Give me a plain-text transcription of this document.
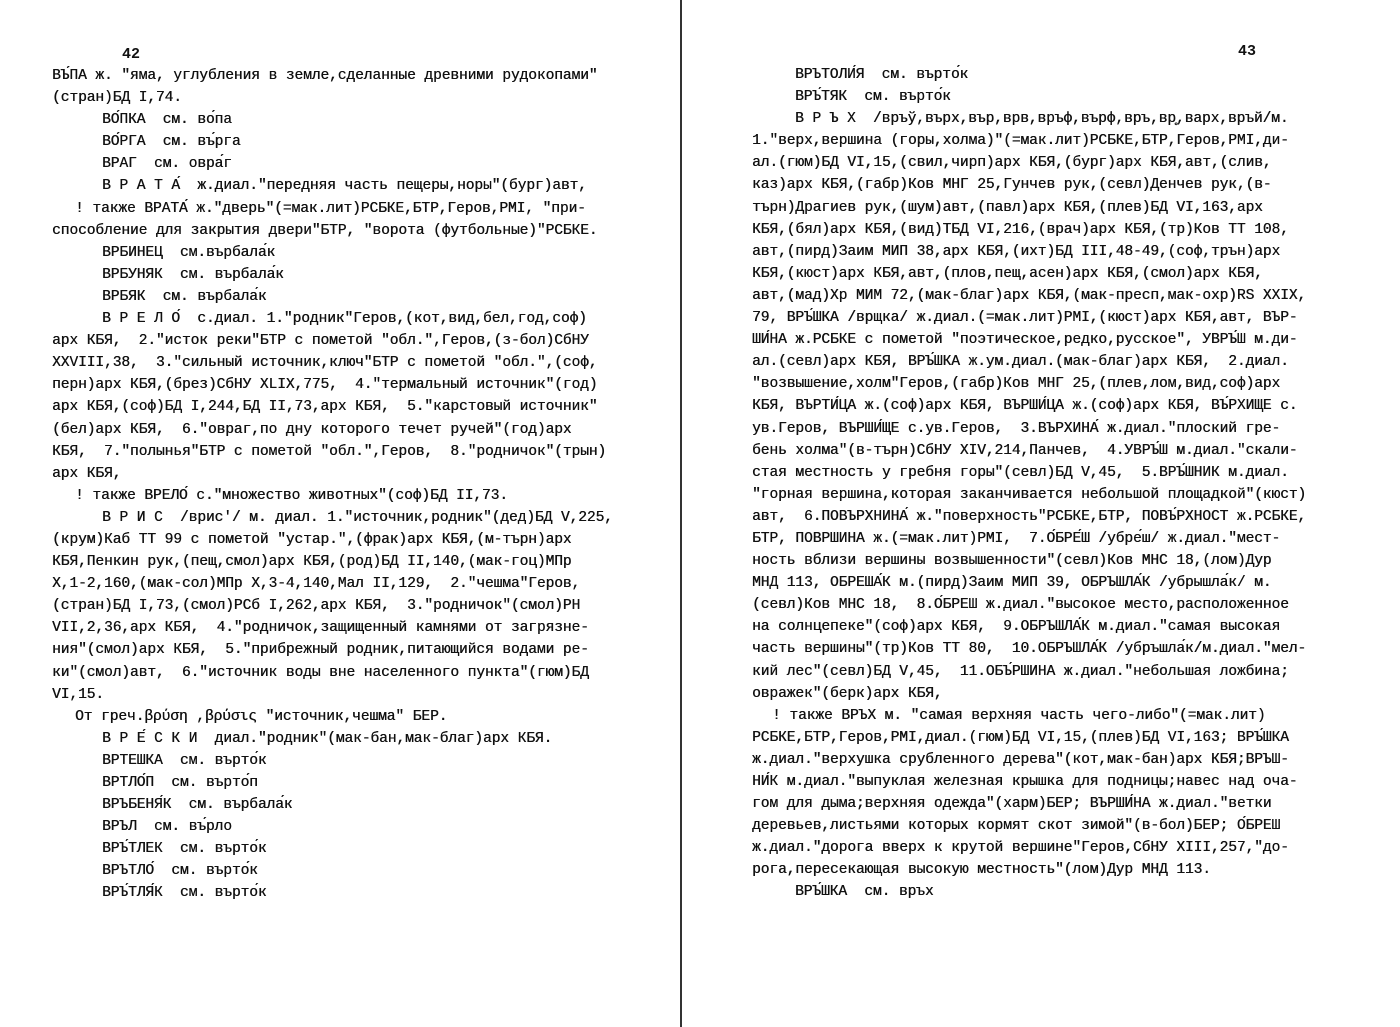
42
ВЪ́ПА ж. "яма, углубления в земле,сделанные древними рудокопами"
(стран)БД I,74.
ВО́ПКА  см. во́па
ВО́РГА  см. въ́рга
ВРАГ  см. овра́г
В Р А Т А́  ж.диал."передняя часть пещеры,норы"(бург)авт,
! также ВРАТА́ ж."дверь"(=мак.лит)РСБКЕ,БТР,Геров,РМI, "при-
способление для закрытия двери"БТР, "ворота (футбольные)"РСБКЕ.
ВРБИНЕЦ  см.върбала́к
ВРБУНЯК  см. върбала́к
ВРБЯК  см. върбала́к
В Р Е Л О́  с.диал. 1."родник"Геров,(кот,вид,бел,год,соф)
арх КБЯ,  2."исток реки"БТР с пометой "обл.",Геров,(з-бол)СбНУ
XXVIII,38,  3."сильный источник,ключ"БТР с пометой "обл.",(соф,
перн)арх КБЯ,(брез)СбНУ XLIX,775,  4."термальный источник"(год)
арх КБЯ,(соф)БД I,244,БД II,73,арх КБЯ,  5."карстовый источник"
(бел)арх КБЯ,  6."овраг,по дну которого течет ручей"(год)арх
КБЯ,  7."полынья"БТР с пометой "обл.",Геров,  8."родничок"(трын)
арх КБЯ,
! также ВРЕЛО́ с."множество животных"(соф)БД II,73.
В Р И С  /врис'/ м. диал. 1."источник,родник"(дед)БД V,225,
(крум)Каб ТТ 99 с пометой "устар.",(фрак)арх КБЯ,(м-търн)арх
КБЯ,Пенкин рук,(пещ,смол)арх КБЯ,(род)БД II,140,(мак-гоц)МПр
X,1-2,160,(мак-сол)МПр X,3-4,140,Мал II,129,  2."чешма"Геров,
(стран)БД I,73,(смол)РСб I,262,арх КБЯ,  3."родничок"(смол)РН
VII,2,36,арх КБЯ,  4."родничок,защищенный камнями от загрязне-
ния"(смол)арх КБЯ,  5."прибрежный родник,питающийся водами ре-
ки"(смол)авт,  6."источник воды вне населенного пункта"(гюм)БД
VI,15.
От греч.βρύση ,βρύσις "источник,чешма" БЕР.
В Р Е́ С К И  диал."родник"(мак-бан,мак-благ)арх КБЯ.
ВРТЕШКА  см. върто́к
ВРТЛО́П  см. върто́п
ВРЪБЕНЯ́К  см. върбала́к
ВРЪЛ  см. въ́рло
ВРЪ́ТЛЕК  см. върто́к
ВРЪТЛО́  см. върто́к
ВРЪ́ТЛЯ́К  см. върто́к
43
ВРЪТОЛИ́Я  см. върто́к
ВРЪ́ТЯК  см. върто́к
В Р Ъ Х  /връў,върх,вър,врв,връф,върф,връ,вр̥,варх,връй/м.
1."верх,вершина (горы,холма)"(=мак.лит)РСБКЕ,БТР,Геров,РМI,ди-
ал.(гюм)БД VI,15,(свил,чирп)арх КБЯ,(бург)арх КБЯ,авт,(слив,
каз)арх КБЯ,(габр)Ков МНГ 25,Гунчев рук,(севл)Денчев рук,(в-
търн)Драгиев рук,(шум)авт,(павл)арх КБЯ,(плев)БД VI,163,арх
КБЯ,(бял)арх КБЯ,(вид)ТБД VI,216,(врач)арх КБЯ,(тр)Ков ТТ 108,
авт,(пирд)Заим МИП 38,арх КБЯ,(ихт)БД III,48-49,(соф,трън)арх
КБЯ,(кюст)арх КБЯ,авт,(плов,пещ,асен)арх КБЯ,(смол)арх КБЯ,
авт,(мад)Хр МИМ 72,(мак-благ)арх КБЯ,(мак-пресп,мак-охр)RS XXIX,
79, ВРЪ́ШКА /врщка/ ж.диал.(=мак.лит)РМI,(кюст)арх КБЯ,авт, ВЪР-
ШИ́НА ж.РСБКЕ с пометой "поэтическое,редко,русское", УВРЪ́Ш м.ди-
ал.(севл)арх КБЯ, ВРЪ́ШКА ж.ум.диал.(мак-благ)арх КБЯ,  2.диал.
"возвышение,холм"Геров,(габр)Ков МНГ 25,(плев,лом,вид,соф)арх
КБЯ, ВЪРТИ́ЦА ж.(соф)арх КБЯ, ВЪРШИ́ЦА ж.(соф)арх КБЯ, ВЪ́РХИЩЕ с.
ув.Геров, ВЪРШИ́ЩЕ с.ув.Геров,  3.ВЪРХИНА́ ж.диал."плоский гре-
бень холма"(в-търн)СбНУ XIV,214,Панчев,  4.УВРЪ́Ш м.диал."скали-
стая местность у гребня горы"(севл)БД V,45,  5.ВРЪ́ШНИК м.диал.
"горная вершина,которая заканчивается небольшой площадкой"(кюст)
авт,  6.ПОВЪРХНИНА́ ж."поверхность"РСБКЕ,БТР, ПОВЪ́РХНОСТ ж.РСБКЕ,
БТР, ПОВРШИНА ж.(=мак.лит)РМI,  7.О́БРЕ́Ш /убре́ш/ ж.диал."мест-
ность вблизи вершины возвышенности"(севл)Ков МНС 18,(лом)Дур
МНД 113, ОБРЕША́К м.(пирд)Заим МИП 39, ОБРЪШЛА́К /убрышла́к/ м.
(севл)Ков МНС 18,  8.О́БРЕШ ж.диал."высокое место,расположенное
на солнцепеке"(соф)арх КБЯ,  9.ОБРЪШЛА́К м.диал."самая высокая
часть вершины"(тр)Ков ТТ 80,  10.ОБРЪШЛА́К /убръшла́к/м.диал."мел-
кий лес"(севл)БД V,45,  11.ОБЪ́РШИНА ж.диал."небольшая ложбина;
овражек"(берк)арх КБЯ,
! также ВРЪХ м. "самая верхняя часть чего-либо"(=мак.лит)
РСБКЕ,БТР,Геров,РМI,диал.(гюм)БД VI,15,(плев)БД VI,163; ВРЪ́ШКА
ж.диал."верхушка срубленного дерева"(кот,мак-бан)арх КБЯ;ВРЪШ-
НИ́К м.диал."выпуклая железная крышка для подницы;навес над оча-
гом для дыма;верхняя одежда"(харм)БЕР; ВЪРШИ́НА ж.диал."ветки
деревьев,листьями которых кормят скот зимой"(в-бол)БЕР; О́БРЕШ
ж.диал."дорога вверх к крутой вершине"Геров,СбНУ XIII,257,"до-
рога,пересекающая высокую местность"(лом)Дур МНД 113.
ВРЪ́ШКА  см. връх
